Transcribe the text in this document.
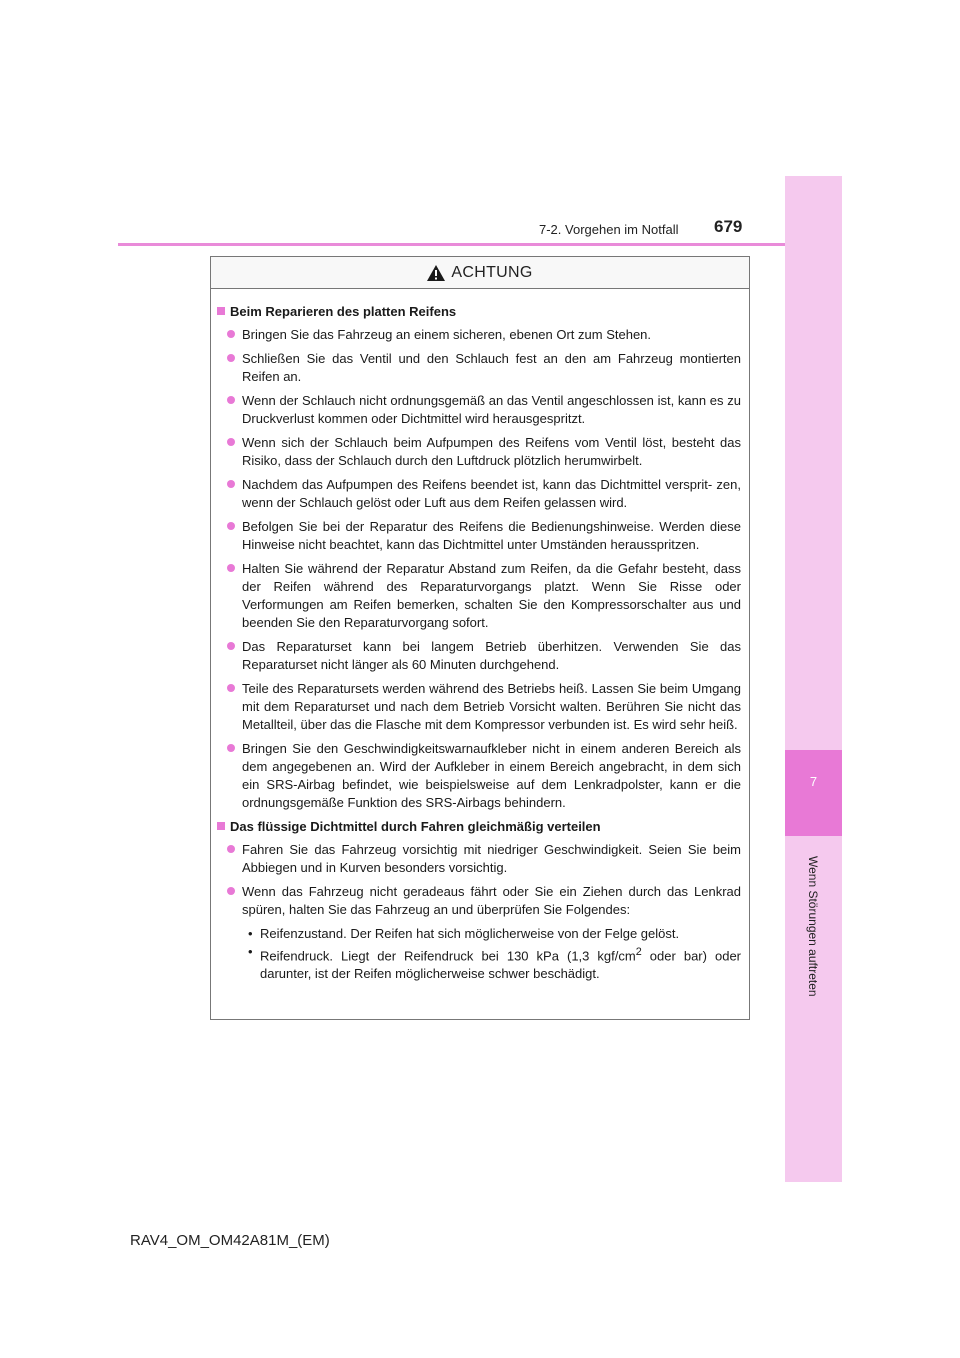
7
Wenn Störungen auftreten
7-2. Vorgehen im Notfall 679
ACHTUNG
Beim Reparieren des platten Reifens
Bringen Sie das Fahrzeug an einem sicheren, ebenen Ort zum Stehen.
Schließen Sie das Ventil und den Schlauch fest an den am Fahrzeug montierten Reifen an.
Wenn der Schlauch nicht ordnungsgemäß an das Ventil angeschlossen ist, kann es zu Druckverlust kommen oder Dichtmittel wird herausgespritzt.
Wenn sich der Schlauch beim Aufpumpen des Reifens vom Ventil löst, besteht das Risiko, dass der Schlauch durch den Luftdruck plötzlich herumwirbelt.
Nachdem das Aufpumpen des Reifens beendet ist, kann das Dichtmittel versprit- zen, wenn der Schlauch gelöst oder Luft aus dem Reifen gelassen wird.
Befolgen Sie bei der Reparatur des Reifens die Bedienungshinweise. Werden diese Hinweise nicht beachtet, kann das Dichtmittel unter Umständen herausspritzen.
Halten Sie während der Reparatur Abstand zum Reifen, da die Gefahr besteht, dass der Reifen während des Reparaturvorgangs platzt. Wenn Sie Risse oder Verformungen am Reifen bemerken, schalten Sie den Kompressorschalter aus und beenden Sie den Reparaturvorgang sofort.
Das Reparaturset kann bei langem Betrieb überhitzen. Verwenden Sie das Reparaturset nicht länger als 60 Minuten durchgehend.
Teile des Reparatursets werden während des Betriebs heiß. Lassen Sie beim Umgang mit dem Reparaturset und nach dem Betrieb Vorsicht walten. Berühren Sie nicht das Metallteil, über das die Flasche mit dem Kompressor verbunden ist. Es wird sehr heiß.
Bringen Sie den Geschwindigkeitswarnaufkleber nicht in einem anderen Bereich als dem angegebenen an. Wird der Aufkleber in einem Bereich angebracht, in dem sich ein SRS-Airbag befindet, wie beispielsweise auf dem Lenkradpolster, kann er die ordnungsgemäße Funktion des SRS-Airbags behindern.
Das flüssige Dichtmittel durch Fahren gleichmäßig verteilen
Fahren Sie das Fahrzeug vorsichtig mit niedriger Geschwindigkeit. Seien Sie beim Abbiegen und in Kurven besonders vorsichtig.
Wenn das Fahrzeug nicht geradeaus fährt oder Sie ein Ziehen durch das Lenkrad spüren, halten Sie das Fahrzeug an und überprüfen Sie Folgendes:
• Reifenzustand. Der Reifen hat sich möglicherweise von der Felge gelöst.
• Reifendruck. Liegt der Reifendruck bei 130 kPa (1,3 kgf/$cm^2$ oder bar) oder darunter, ist der Reifen möglicherweise schwer beschädigt.
RAV4_OM_OM42A81M_(EM)
